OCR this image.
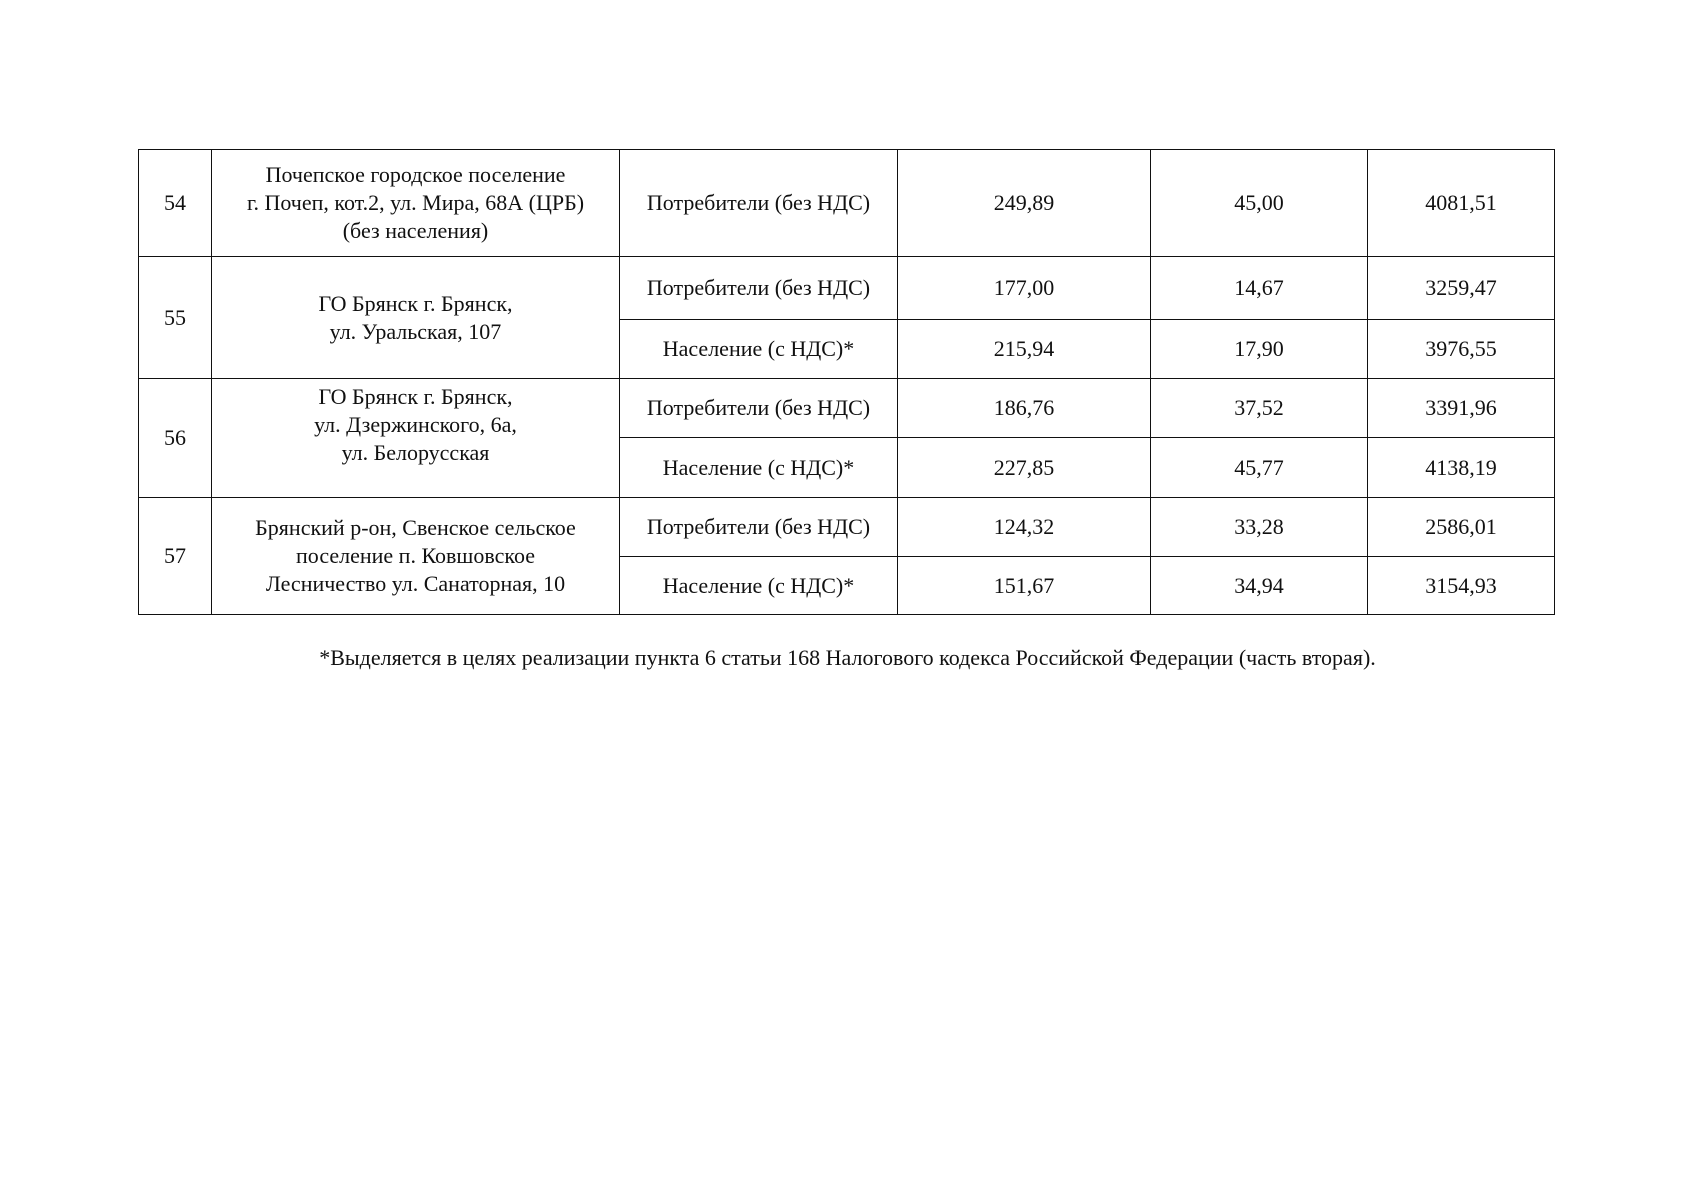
54	Почепское городское поселение
г. Почеп, кот.2, ул. Мира, 68А (ЦРБ)
(без населения)	Потребители (без НДС)	249,89	45,00	4081,51
55	ГО Брянск г. Брянск,
ул. Уральская, 107	Потребители (без НДС)	177,00	14,67	3259,47
		Население (с НДС)*	215,94	17,90	3976,55
56	ГО Брянск г. Брянск,
ул. Дзержинского, 6а,
ул. Белорусская	Потребители (без НДС)	186,76	37,52	3391,96
		Население (с НДС)*	227,85	45,77	4138,19
57	Брянский р-он, Свенское сельское
поселение п. Ковшовское
Лесничество ул. Санаторная, 10	Потребители (без НДС)	124,32	33,28	2586,01
		Население (с НДС)*	151,67	34,94	3154,93
*Выделяется в целях реализации пункта 6 статьи 168 Налогового кодекса Российской Федерации (часть вторая).
